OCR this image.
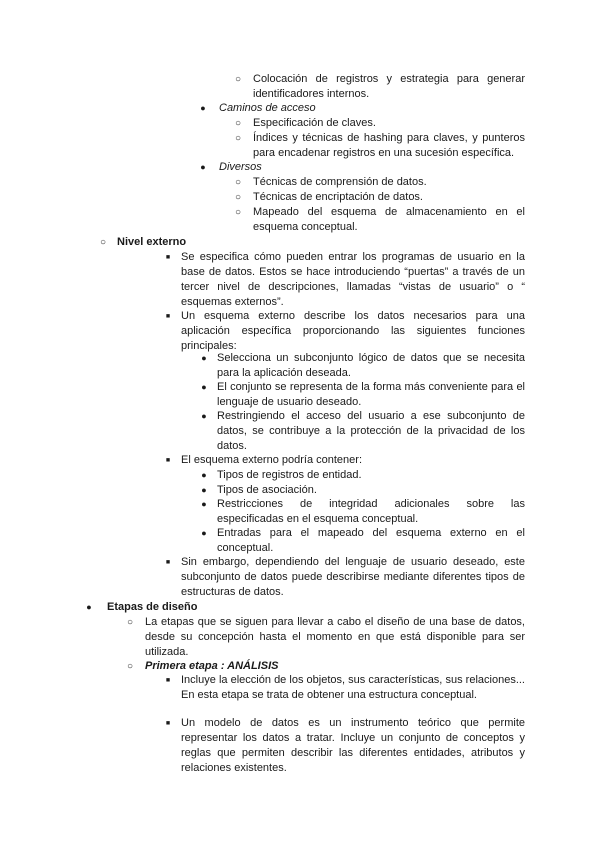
○	Colocación de registros y estrategia para generar identificadores internos.
●	Caminos de acceso
○	Especificación de claves.
○	Índices y técnicas de hashing para claves, y punteros para encadenar registros en una sucesión específica.
●	Diversos
○	Técnicas de comprensión de datos.
○	Técnicas de encriptación de datos.
○	Mapeado del esquema de almacenamiento en el esquema conceptual.
○ Nivel externo
■ Se especifica cómo pueden entrar los programas de usuario en la base de datos. Estos se hace introduciendo “puertas” a través de un tercer nivel de descripciones, llamadas “vistas de usuario” o “ esquemas externos”.
■ Un esquema externo describe los datos necesarios para una aplicación específica proporcionando las siguientes funciones principales:
● Selecciona un subconjunto lógico de datos que se necesita para la aplicación deseada.
● El conjunto se representa de la forma más conveniente para el lenguaje de usuario deseado.
● Restringiendo el acceso del usuario a ese subconjunto de datos, se contribuye a la protección de la privacidad de los datos.
■ El esquema externo podría contener:
● Tipos de registros de entidad.
● Tipos de asociación.
● Restricciones de integridad adicionales sobre las especificadas en el esquema conceptual.
● Entradas para el mapeado del esquema externo en el conceptual.
■ Sin embargo, dependiendo del lenguaje de usuario deseado, este subconjunto de datos puede describirse mediante diferentes tipos de estructuras de datos.
●	Etapas de diseño
○	La etapas que se siguen para llevar a cabo el diseño de una base de datos, desde su concepción hasta el momento en que está disponible para ser utilizada.
○	Primera etapa : ANÁLISIS
■ Incluye la elección de los objetos, sus características, sus relaciones... En esta etapa se trata de obtener una estructura conceptual.
■ Un modelo de datos es un instrumento teórico que permite representar los datos a tratar. Incluye un conjunto de conceptos y reglas que permiten describir las diferentes entidades, atributos y relaciones existentes.
